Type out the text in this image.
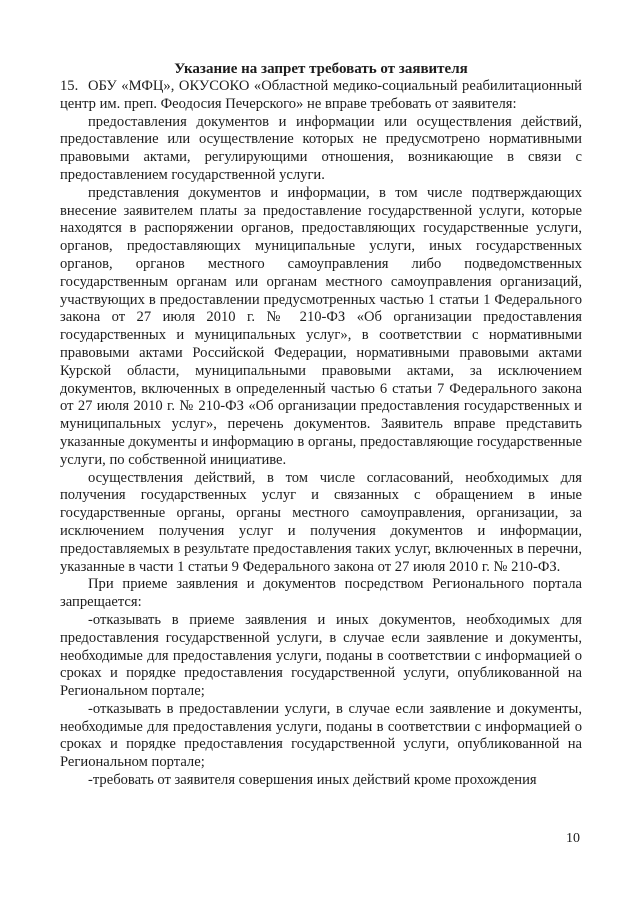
Указание на запрет требовать от заявителя

15. ОБУ «МФЦ», ОКУСОКО «Областной медико-социальный реабилитационный центр им. преп. Феодосия Печерского» не вправе требовать от заявителя:

предоставления документов и информации или осуществления действий, предоставление или осуществление которых не предусмотрено нормативными правовыми актами, регулирующими отношения, возникающие в связи с предоставлением государственной услуги.

представления документов и информации, в том числе подтверждающих внесение заявителем платы за предоставление государственной услуги, которые находятся в распоряжении органов, предоставляющих государственные услуги, органов, предоставляющих муниципальные услуги, иных государственных органов, органов местного самоуправления либо подведомственных государственным органам или органам местного самоуправления организаций, участвующих в предоставлении предусмотренных частью 1 статьи 1 Федерального закона от 27 июля 2010 г. № 210-ФЗ «Об организации предоставления государственных и муниципальных услуг», в соответствии с нормативными правовыми актами Российской Федерации, нормативными правовыми актами Курской области, муниципальными правовыми актами, за исключением документов, включенных в определенный частью 6 статьи 7 Федерального закона от 27 июля 2010 г. № 210-ФЗ «Об организации предоставления государственных и муниципальных услуг», перечень документов. Заявитель вправе представить указанные документы и информацию в органы, предоставляющие государственные услуги, по собственной инициативе.

осуществления действий, в том числе согласований, необходимых для получения государственных услуг и связанных с обращением в иные государственные органы, органы местного самоуправления, организации, за исключением получения услуг и получения документов и информации, предоставляемых в результате предоставления таких услуг, включенных в перечни, указанные в части 1 статьи 9 Федерального закона от 27 июля 2010 г. № 210-ФЗ.

При приеме заявления и документов посредством Регионального портала запрещается:

-отказывать в приеме заявления и иных документов, необходимых для предоставления государственной услуги, в случае если заявление и документы, необходимые для предоставления услуги, поданы в соответствии с информацией о сроках и порядке предоставления государственной услуги, опубликованной на Региональном портале;

-отказывать в предоставлении услуги, в случае если заявление и документы, необходимые для предоставления услуги, поданы в соответствии с информацией о сроках и порядке предоставления государственной услуги, опубликованной на Региональном портале;

-требовать от заявителя совершения иных действий кроме прохождения

10
